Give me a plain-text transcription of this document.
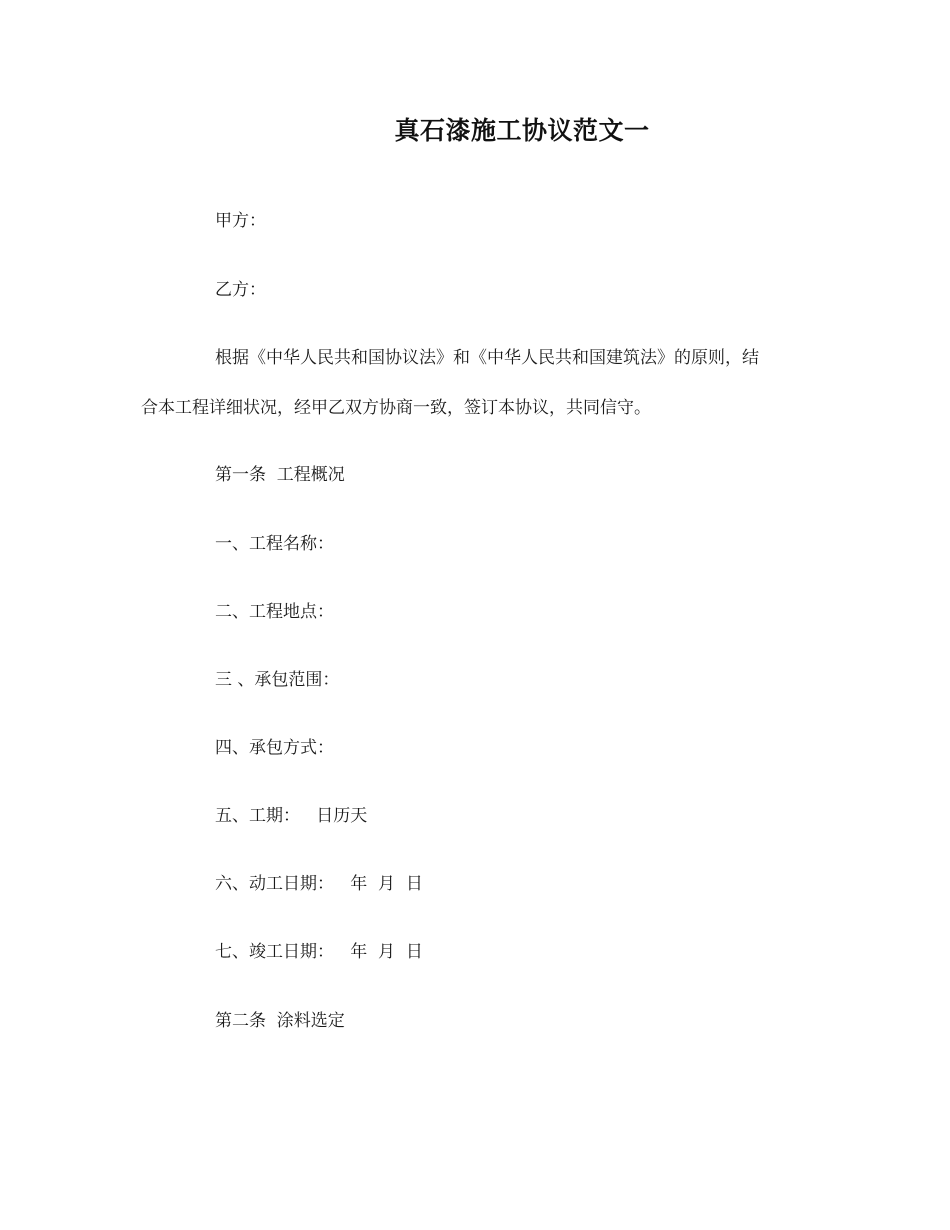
真石漆施工协议范文一
甲方：
乙方：
根据《中华人民共和国协议法》和《中华人民共和国建筑法》的原则，结
合本工程详细状况，经甲乙双方协商一致，签订本协议，共同信守。
第一条  工程概况
一、工程名称：
二、工程地点：
三 、承包范围：
四、承包方式：
五、工期：   日历天
六、动工日期：   年  月  日
七、竣工日期：   年  月  日
第二条  涂料选定
